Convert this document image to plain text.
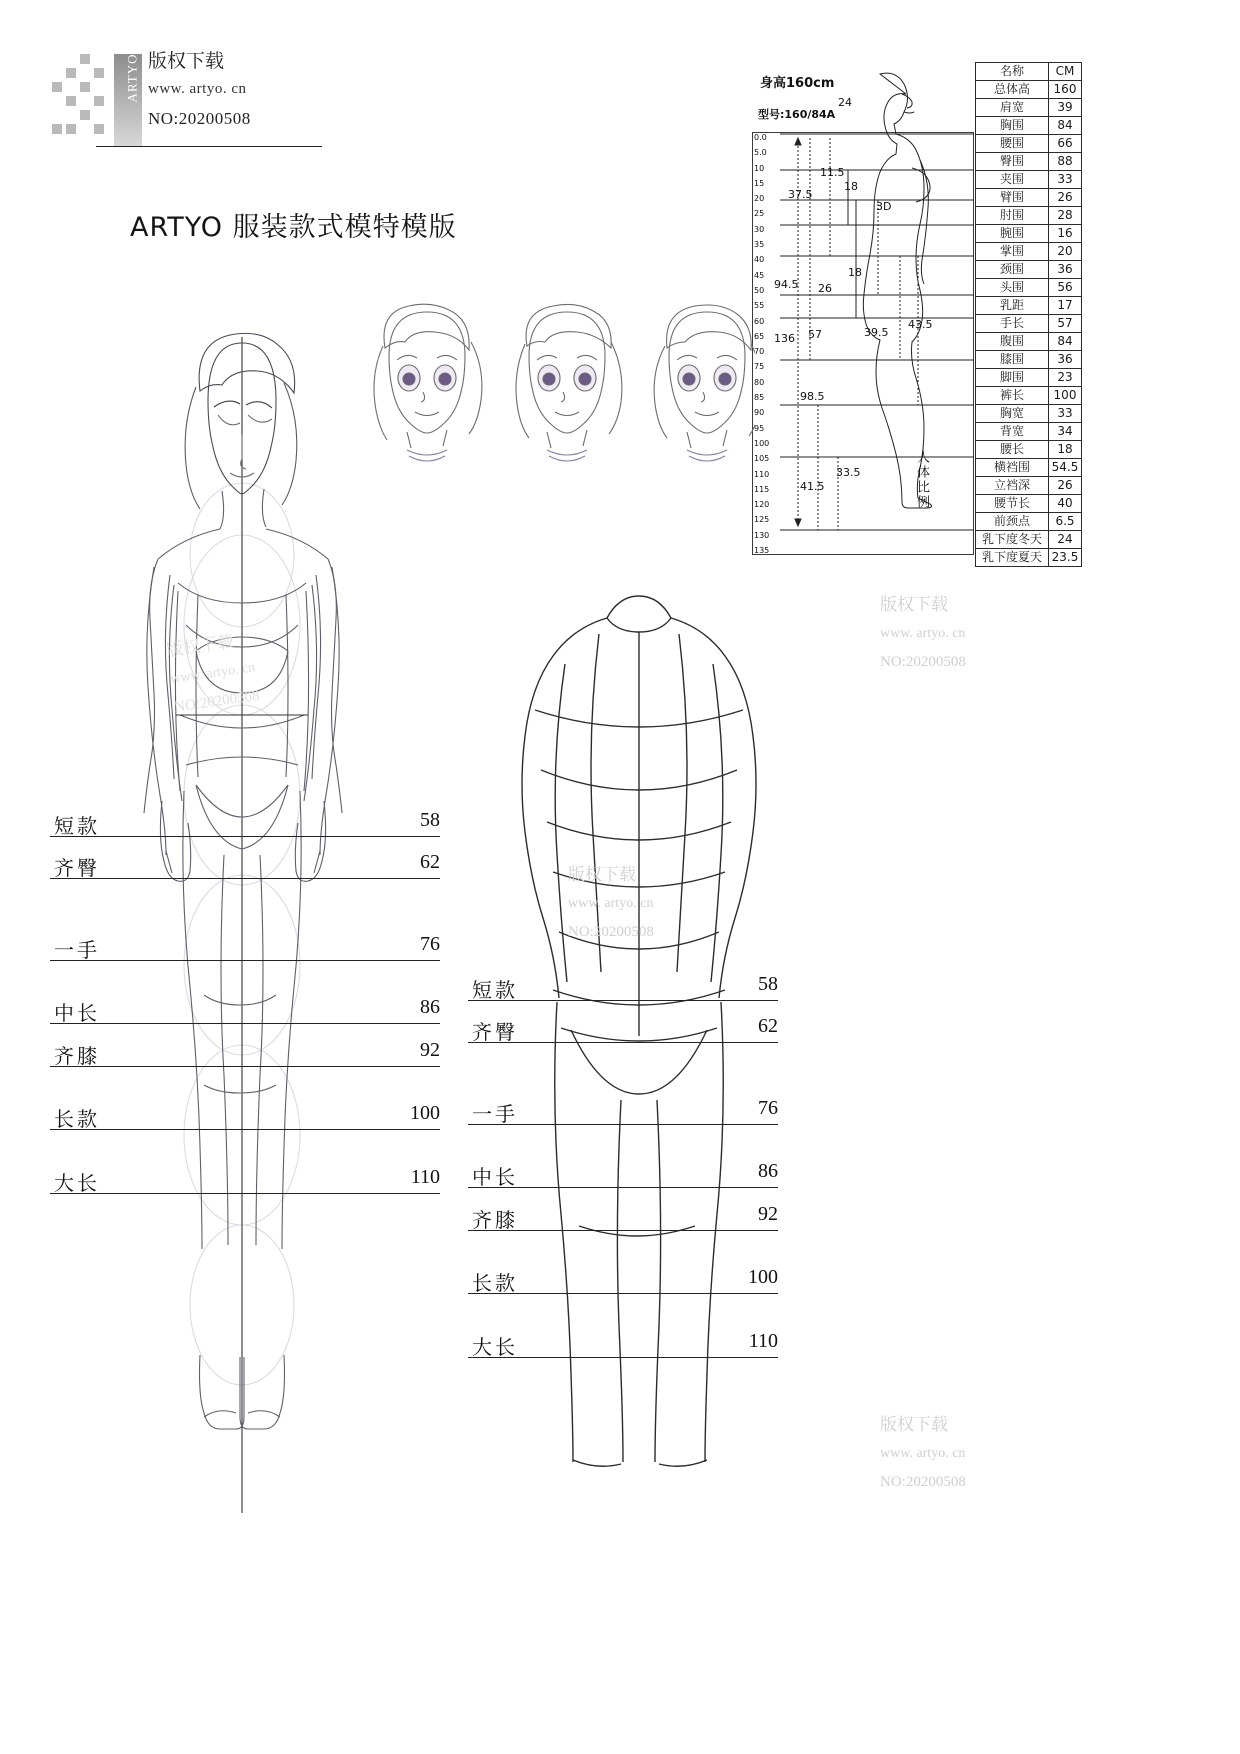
ARTYO 版权下载
www. artyo. cn
NO:20200508
ARTYO 服装款式模特模版
身高160cm
型号:160/84A
0.0
5.0
10
15
20
25
30
35
40
45
50
55
60
65
70
75
80
85
90
95
100
105
110
115
120
125
130
135
24
11.5
37.5
18
3D
18
94.5 26
39.5
43.5
136 57
98.5
33.5
41.5	人体比例
名称	CM
总体高	160
肩宽	39
胸围	84
腰围	66
臀围	88
夹围	33
臂围	26
肘围	28
腕围	16
掌围	20
颈围	36
头围	56
乳距	17
手长	57
腹围	84
膝围	36
脚围	23
裤长	100
胸宽	33
背宽	34
腰长	18
横裆围	54.5
立裆深	26
腰节长	40
前颈点	6.5
乳下度冬天	24
乳下度夏天	23.5
短款	58
齐臀	62
一手	76
中长	86
齐膝	92
长款	100
大长	110
短款	58
齐臀	62
一手	76
中长	86
齐膝	92
长款	100
大长	110
版权下载
www. artyo. cn
NO:20200508
版权下载
www. artyo. cn
NO:20200508
版权下载
www. artyo. cn
NO:20200508
版权下载
www. artyo. cn
NO:20200508
